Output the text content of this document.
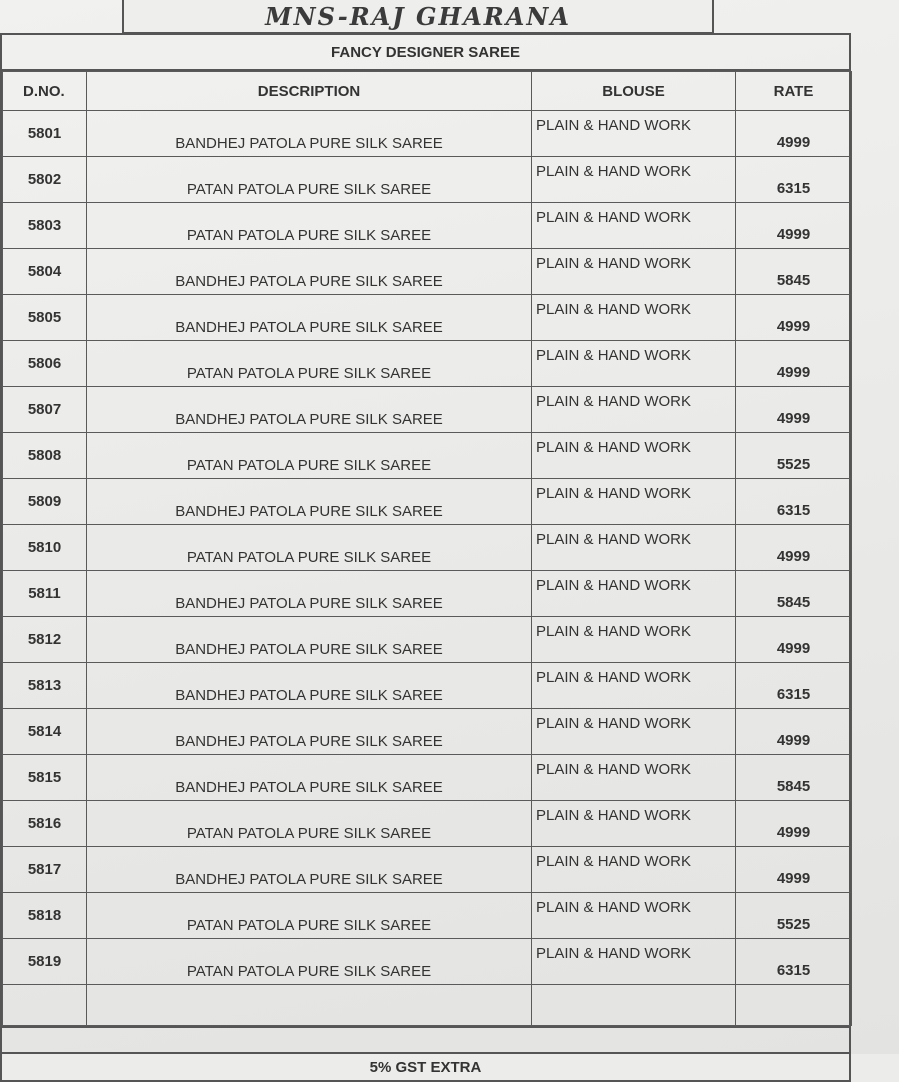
MNS-RAJ GHARANA
FANCY DESIGNER SAREE
D.NO.	DESCRIPTION	BLOUSE	RATE
5801	BANDHEJ PATOLA PURE SILK SAREE	PLAIN & HAND WORK	4999
5802	PATAN PATOLA PURE SILK SAREE	PLAIN & HAND WORK	6315
5803	PATAN PATOLA PURE SILK SAREE	PLAIN & HAND WORK	4999
5804	BANDHEJ PATOLA PURE SILK SAREE	PLAIN & HAND WORK	5845
5805	BANDHEJ PATOLA PURE SILK SAREE	PLAIN & HAND WORK	4999
5806	PATAN PATOLA PURE SILK SAREE	PLAIN & HAND WORK	4999
5807	BANDHEJ PATOLA PURE SILK SAREE	PLAIN & HAND WORK	4999
5808	PATAN PATOLA PURE SILK SAREE	PLAIN & HAND WORK	5525
5809	BANDHEJ PATOLA PURE SILK SAREE	PLAIN & HAND WORK	6315
5810	PATAN PATOLA PURE SILK SAREE	PLAIN & HAND WORK	4999
5811	BANDHEJ PATOLA PURE SILK SAREE	PLAIN & HAND WORK	5845
5812	BANDHEJ PATOLA PURE SILK SAREE	PLAIN & HAND WORK	4999
5813	BANDHEJ PATOLA PURE SILK SAREE	PLAIN & HAND WORK	6315
5814	BANDHEJ PATOLA PURE SILK SAREE	PLAIN & HAND WORK	4999
5815	BANDHEJ PATOLA PURE SILK SAREE	PLAIN & HAND WORK	5845
5816	PATAN PATOLA PURE SILK SAREE	PLAIN & HAND WORK	4999
5817	BANDHEJ PATOLA PURE SILK SAREE	PLAIN & HAND WORK	4999
5818	PATAN PATOLA PURE SILK SAREE	PLAIN & HAND WORK	5525
5819	PATAN PATOLA PURE SILK SAREE	PLAIN & HAND WORK	6315

5% GST EXTRA
